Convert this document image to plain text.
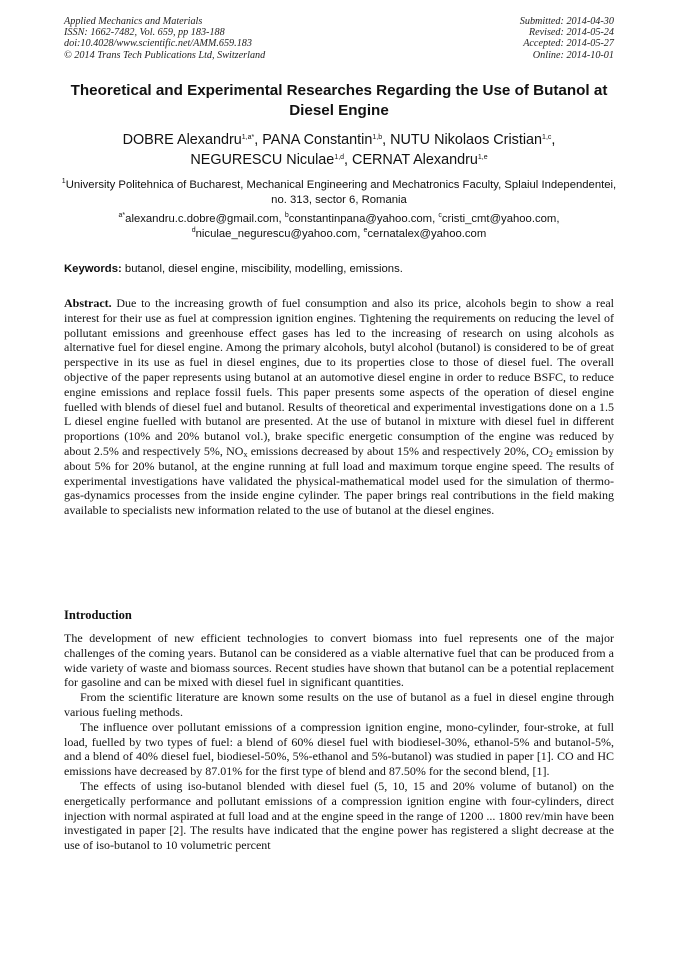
Applied Mechanics and Materials
ISSN: 1662-7482, Vol. 659, pp 183-188
doi:10.4028/www.scientific.net/AMM.659.183
© 2014 Trans Tech Publications Ltd, Switzerland
Submitted: 2014-04-30
Revised: 2014-05-24
Accepted: 2014-05-27
Online: 2014-10-01
Theoretical and Experimental Researches Regarding the Use of Butanol at Diesel Engine
DOBRE Alexandru$^{1,a*}$, PANA Constantin$^{1,b}$, NUTU Nikolaos Cristian$^{1,c}$,
NEGURESCU Niculae$^{1,d}$, CERNAT Alexandru$^{1,e}$
$^1$University Politehnica of Bucharest, Mechanical Engineering and Mechatronics Faculty, Splaiul Independentei, no. 313, sector 6, Romania
$^{a*}$alexandru.c.dobre@gmail.com, $^b$constantinpana@yahoo.com, $^c$cristi_cmt@yahoo.com,
$^d$niculae_negurescu@yahoo.com, $^e$cernatalex@yahoo.com
Keywords: butanol, diesel engine, miscibility, modelling, emissions.
Abstract. Due to the increasing growth of fuel consumption and also its price, alcohols begin to show a real interest for their use as fuel at compression ignition engines. Tightening the requirements on reducing the level of pollutant emissions and greenhouse effect gases has led to the increasing of research on using alcohols as alternative fuel for diesel engine. Among the primary alcohols, butyl alcohol (butanol) is considered to be of great perspective in its use as fuel in diesel engines, due to its properties close to those of diesel fuel. The overall objective of the paper represents using butanol at an automotive diesel engine in order to reduce BSFC, to reduce engine emissions and replace fossil fuels. This paper presents some aspects of the operation of diesel engine fuelled with blends of diesel fuel and butanol. Results of theoretical and experimental investigations done on a 1.5 L diesel engine fuelled with butanol are presented. At the use of butanol in mixture with diesel fuel in different proportions (10% and 20% butanol vol.), brake specific energetic consumption of the engine was reduced by about 2.5% and respectively 5%, $NO_x$ emissions decreased by about 15% and respectively 20%, $CO_2$ emission by about 5% for 20% butanol, at the engine running at full load and maximum torque engine speed. The results of experimental investigations have validated the physical-mathematical model used for the simulation of thermo-gas-dynamics processes from the inside engine cylinder. The paper brings real contributions in the field making available to specialists new information related to the use of butanol at the diesel engines.
Introduction

The development of new efficient technologies to convert biomass into fuel represents one of the major challenges of the coming years. Butanol can be considered as a viable alternative fuel that can be produced from a wide variety of waste and biomass sources. Recent studies have shown that butanol can be a potential replacement for gasoline and can be mixed with diesel fuel in significant quantities.

From the scientific literature are known some results on the use of butanol as a fuel in diesel engine through various fueling methods.

The influence over pollutant emissions of a compression ignition engine, mono-cylinder, four-stroke, at full load, fuelled by two types of fuel: a blend of 60% diesel fuel with biodiesel-30%, ethanol-5% and butanol-5%, and a blend of 40% diesel fuel, biodiesel-50%, 5%-ethanol and 5%-butanol) was studied in paper [1]. CO and HC emissions have decreased by 87.01% for the first type of blend and 87.50% for the second blend, [1].

The effects of using iso-butanol blended with diesel fuel (5, 10, 15 and 20% volume of butanol) on the energetically performance and pollutant emissions of a compression ignition engine with four-cylinders, direct injection with normal aspirated at full load and at the engine speed in the range of 1200 ... 1800 rev/min have been investigated in paper [2]. The results have indicated that the engine power has registered a slight decrease at the use of iso-butanol to 10 volumetric percent
